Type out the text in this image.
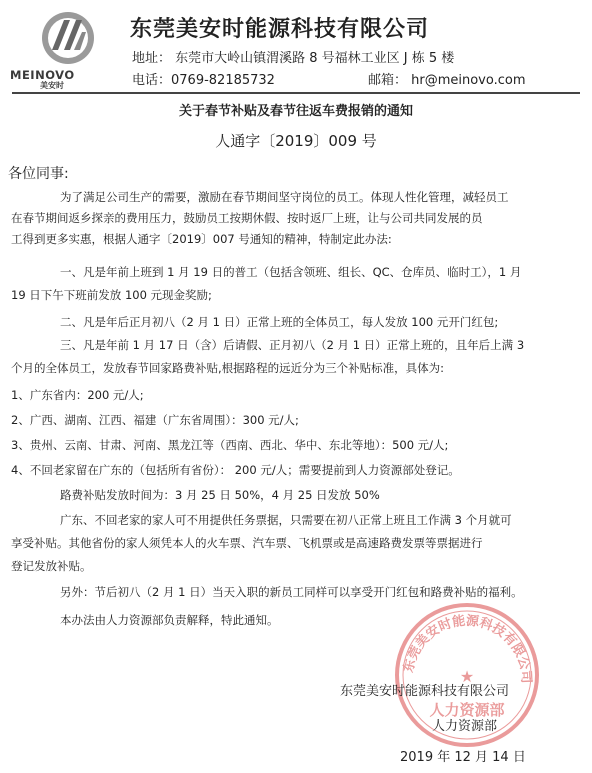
MEINOVO
美安时
东莞美安时能源科技有限公司
地址： 东莞市大岭山镇渭溪路 8 号福林工业区 J 栋 5 楼
电话：0769-82185732	邮箱： hr@meinovo.com
关于春节补贴及春节往返车费报销的通知
人通字〔2019〕009 号
各位同事:
为了满足公司生产的需要，激励在春节期间坚守岗位的员工。体现人性化管理，减轻员工
在春节期间返乡探亲的费用压力，鼓励员工按期休假、按时返厂上班，让与公司共同发展的员
工得到更多实惠，根据人通字〔2019〕007 号通知的精神，特制定此办法:
一、凡是年前上班到 1 月 19 日的普工（包括含领班、组长、QC、仓库员、临时工），1 月
19 日下午下班前发放 100 元现金奖励;
二、凡是年后正月初八（2 月 1 日）正常上班的全体员工，每人发放 100 元开门红包;
三、凡是年前 1 月 17 日（含）后请假、正月初八（2 月 1 日）正常上班的，且年后上满 3
个月的全体员工，发放春节回家路费补贴,根据路程的远近分为三个补贴标准，具体为:
1、广东省内：200 元/人;
2、广西、湖南、江西、福建（广东省周围）：300 元/人;
3、贵州、云南、甘肃、河南、黑龙江等（西南、西北、华中、东北等地）：500 元/人;
4、不回老家留在广东的（包括所有省份）： 200 元/人；需要提前到人力资源部处登记。
路费补贴发放时间为：3 月 25 日 50%，4 月 25 日发放 50%
广东、不回老家的家人可不用提供任务票据，只需要在初八正常上班且工作满 3 个月就可
享受补贴。其他省份的家人须凭本人的火车票、汽车票、飞机票或是高速路费发票等票据进行
登记发放补贴。
另外：节后初八（2 月 1 日）当天入职的新员工同样可以享受开门红包和路费补贴的福利。
本办法由人力资源部负责解释，特此通知。
东莞美安时能源科技有限公司
★
人力资源部
东莞美安时能源科技有限公司
人力资源部
2019 年 12 月 14 日
